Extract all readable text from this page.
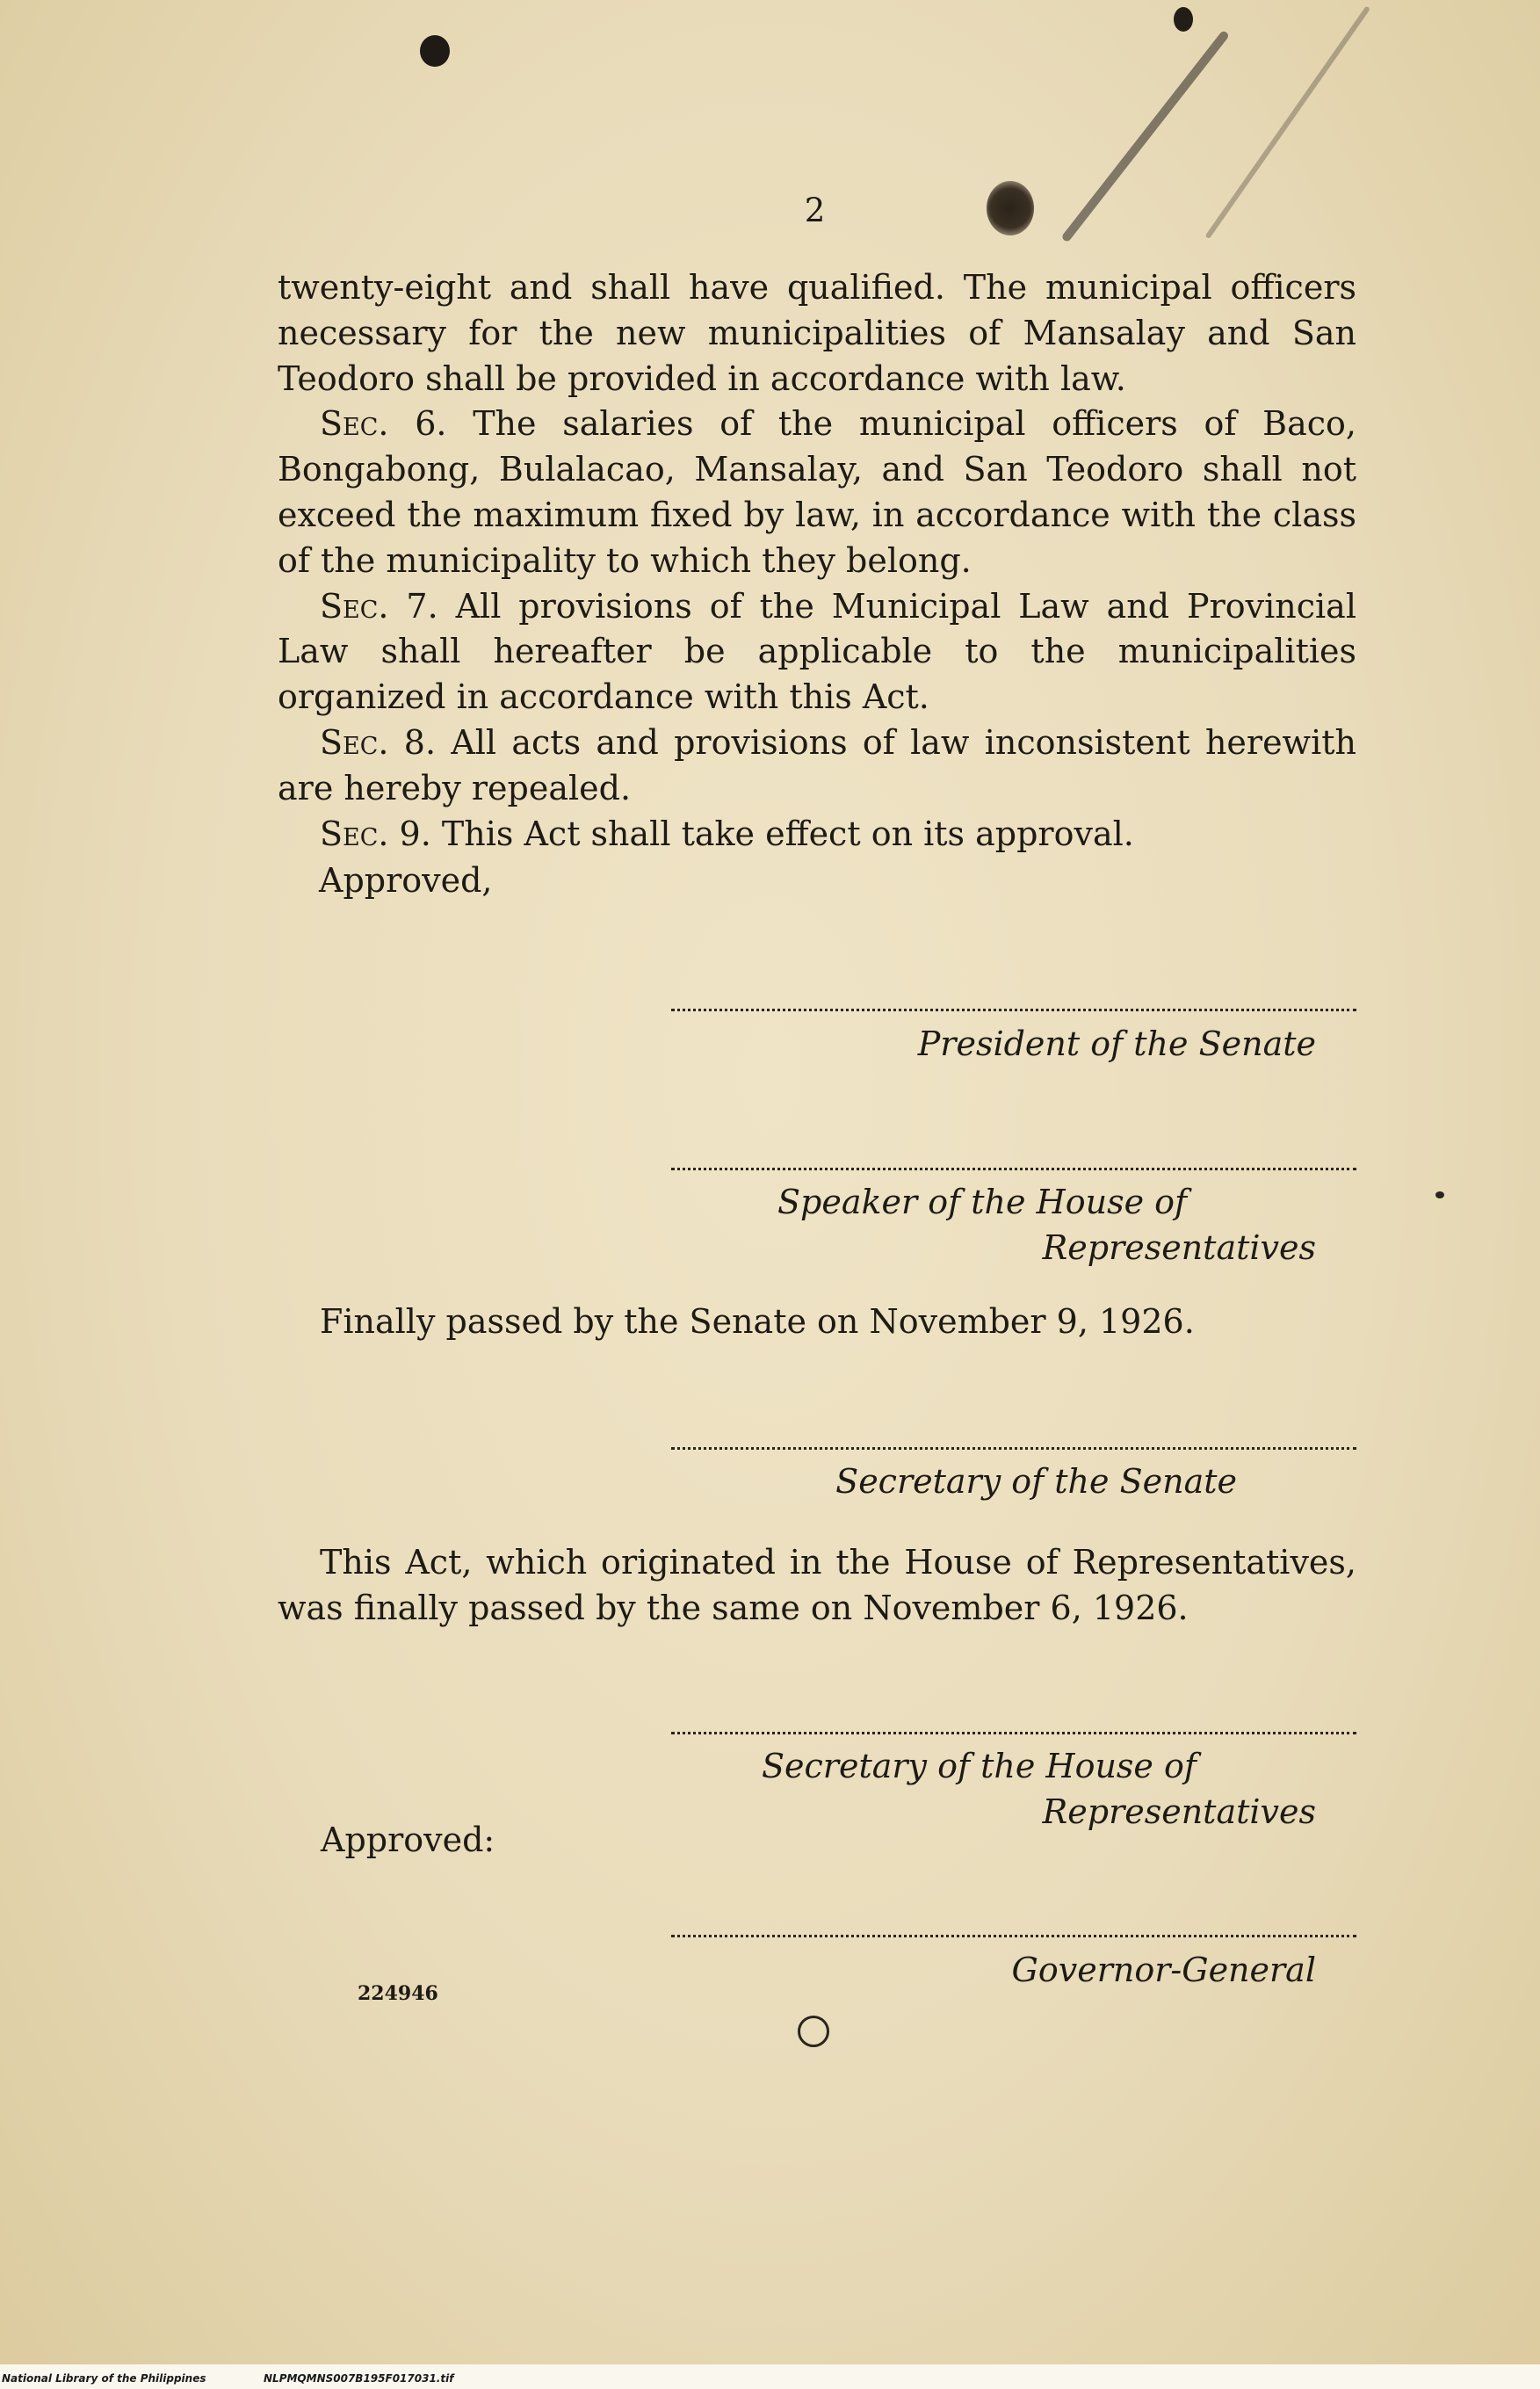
2

twenty-eight and shall have qualified. The municipal officers necessary for the new municipalities of Mansalay and San Teodoro shall be provided in accordance with law.

Sec. 6. The salaries of the municipal officers of Baco, Bongabong, Bulalacao, Mansalay, and San Teodoro shall not exceed the maximum fixed by law, in accordance with the class of the municipality to which they belong.

Sec. 7. All provisions of the Municipal Law and Provincial Law shall hereafter be applicable to the municipalities organized in accordance with this Act.

Sec. 8. All acts and provisions of law inconsistent herewith are hereby repealed.

Sec. 9. This Act shall take effect on its approval.

Approved,
President of the Senate
Speaker of the House of
Representatives
Finally passed by the Senate on November 9, 1926.
Secretary of the Senate
This Act, which originated in the House of Representatives, was finally passed by the same on November 6, 1926.
Secretary of the House of
Representatives
Approved:
Governor-General
224946
National Library of the Philippines	NLPMQMNS007B195F017031.tif
